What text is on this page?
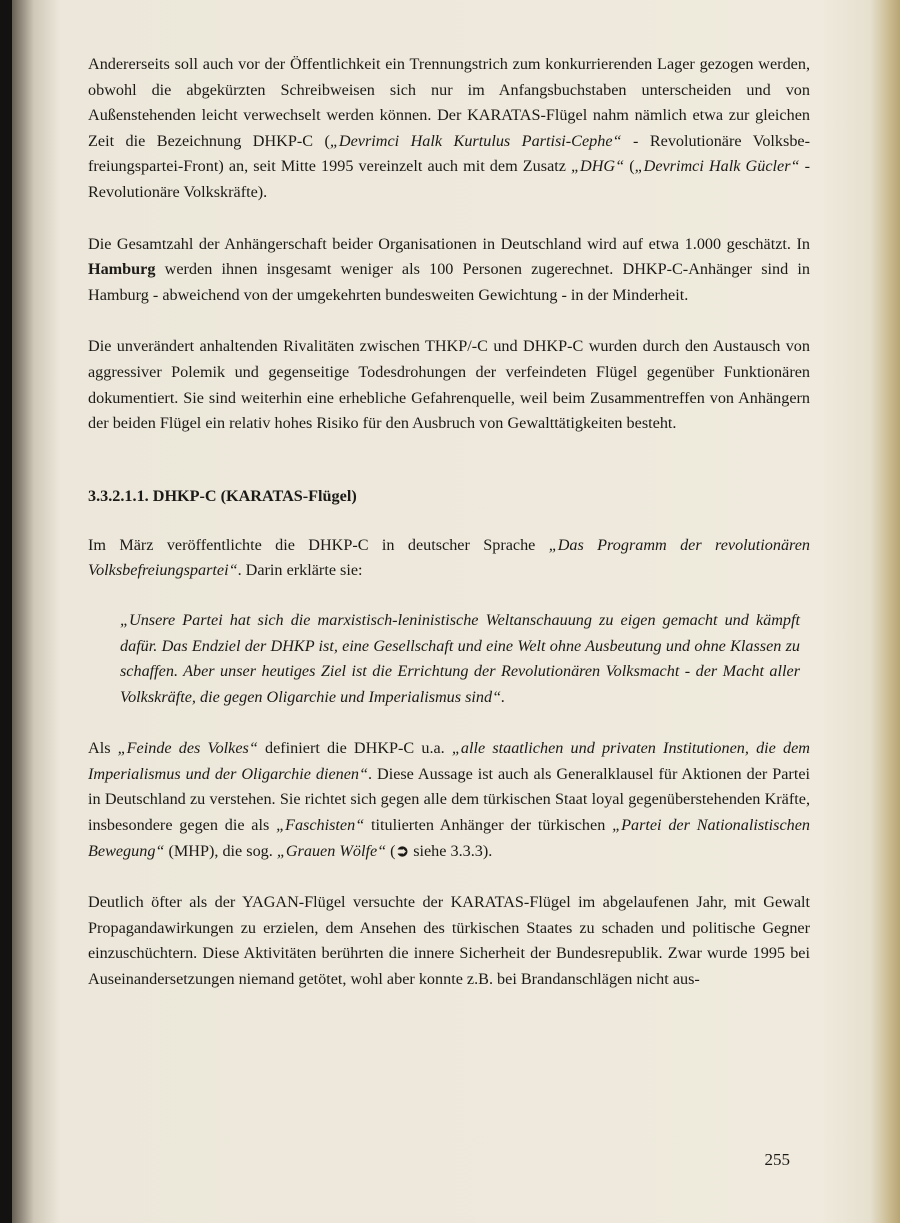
Andererseits soll auch vor der Öffentlichkeit ein Trennungstrich zum konkurrierenden Lager gezogen werden, obwohl die abgekürzten Schreibweisen sich nur im Anfangsbuchstaben unterscheiden und von Außenstehenden leicht verwechselt werden können. Der KARATAS-Flügel nahm nämlich etwa zur gleichen Zeit die Bezeichnung DHKP-C („Devrimci Halk Kurtulus Partisi-Cephe“ - Revolutionäre Volksbefreiungspartei-Front) an, seit Mitte 1995 vereinzelt auch mit dem Zusatz „DHG“ („Devrimci Halk Gücler“ - Revolutionäre Volkskräfte).

Die Gesamtzahl der Anhängerschaft beider Organisationen in Deutschland wird auf etwa 1.000 geschätzt. In Hamburg werden ihnen insgesamt weniger als 100 Personen zugerechnet. DHKP-C-Anhänger sind in Hamburg - abweichend von der umgekehrten bundesweiten Gewichtung - in der Minderheit.

Die unverändert anhaltenden Rivalitäten zwischen THKP/-C und DHKP-C wurden durch den Austausch von aggressiver Polemik und gegenseitige Todesdrohungen der verfeindeten Flügel gegenüber Funktionären dokumentiert. Sie sind weiterhin eine erhebliche Gefahrenquelle, weil beim Zusammentreffen von Anhängern der beiden Flügel ein relativ hohes Risiko für den Ausbruch von Gewalttätigkeiten besteht.

3.3.2.1.1. DHKP-C (KARATAS-Flügel)

Im März veröffentlichte die DHKP-C in deutscher Sprache „Das Programm der revolutionären Volksbefreiungspartei“. Darin erklärte sie:

„Unsere Partei hat sich die marxistisch-leninistische Weltanschauung zu eigen gemacht und kämpft dafür. Das Endziel der DHKP ist, eine Gesellschaft und eine Welt ohne Ausbeutung und ohne Klassen zu schaffen. Aber unser heutiges Ziel ist die Errichtung der Revolutionären Volksmacht - der Macht aller Volkskräfte, die gegen Oligarchie und Imperialismus sind“.

Als „Feinde des Volkes“ definiert die DHKP-C u.a. „alle staatlichen und privaten Institutionen, die dem Imperialismus und der Oligarchie dienen“. Diese Aussage ist auch als Generalklausel für Aktionen der Partei in Deutschland zu verstehen. Sie richtet sich gegen alle dem türkischen Staat loyal gegenüberstehenden Kräfte, insbesondere gegen die als „Faschisten“ titulierten Anhänger der türkischen „Partei der Nationalistischen Bewegung“ (MHP), die sog. „Grauen Wölfe“ (➲ siehe 3.3.3).

Deutlich öfter als der YAGAN-Flügel versuchte der KARATAS-Flügel im abgelaufenen Jahr, mit Gewalt Propagandawirkungen zu erzielen, dem Ansehen des türkischen Staates zu schaden und politische Gegner einzuschüchtern. Diese Aktivitäten berührten die innere Sicherheit der Bundesrepublik. Zwar wurde 1995 bei Auseinandersetzungen niemand getötet, wohl aber konnte z.B. bei Brandanschlägen nicht aus-

255
